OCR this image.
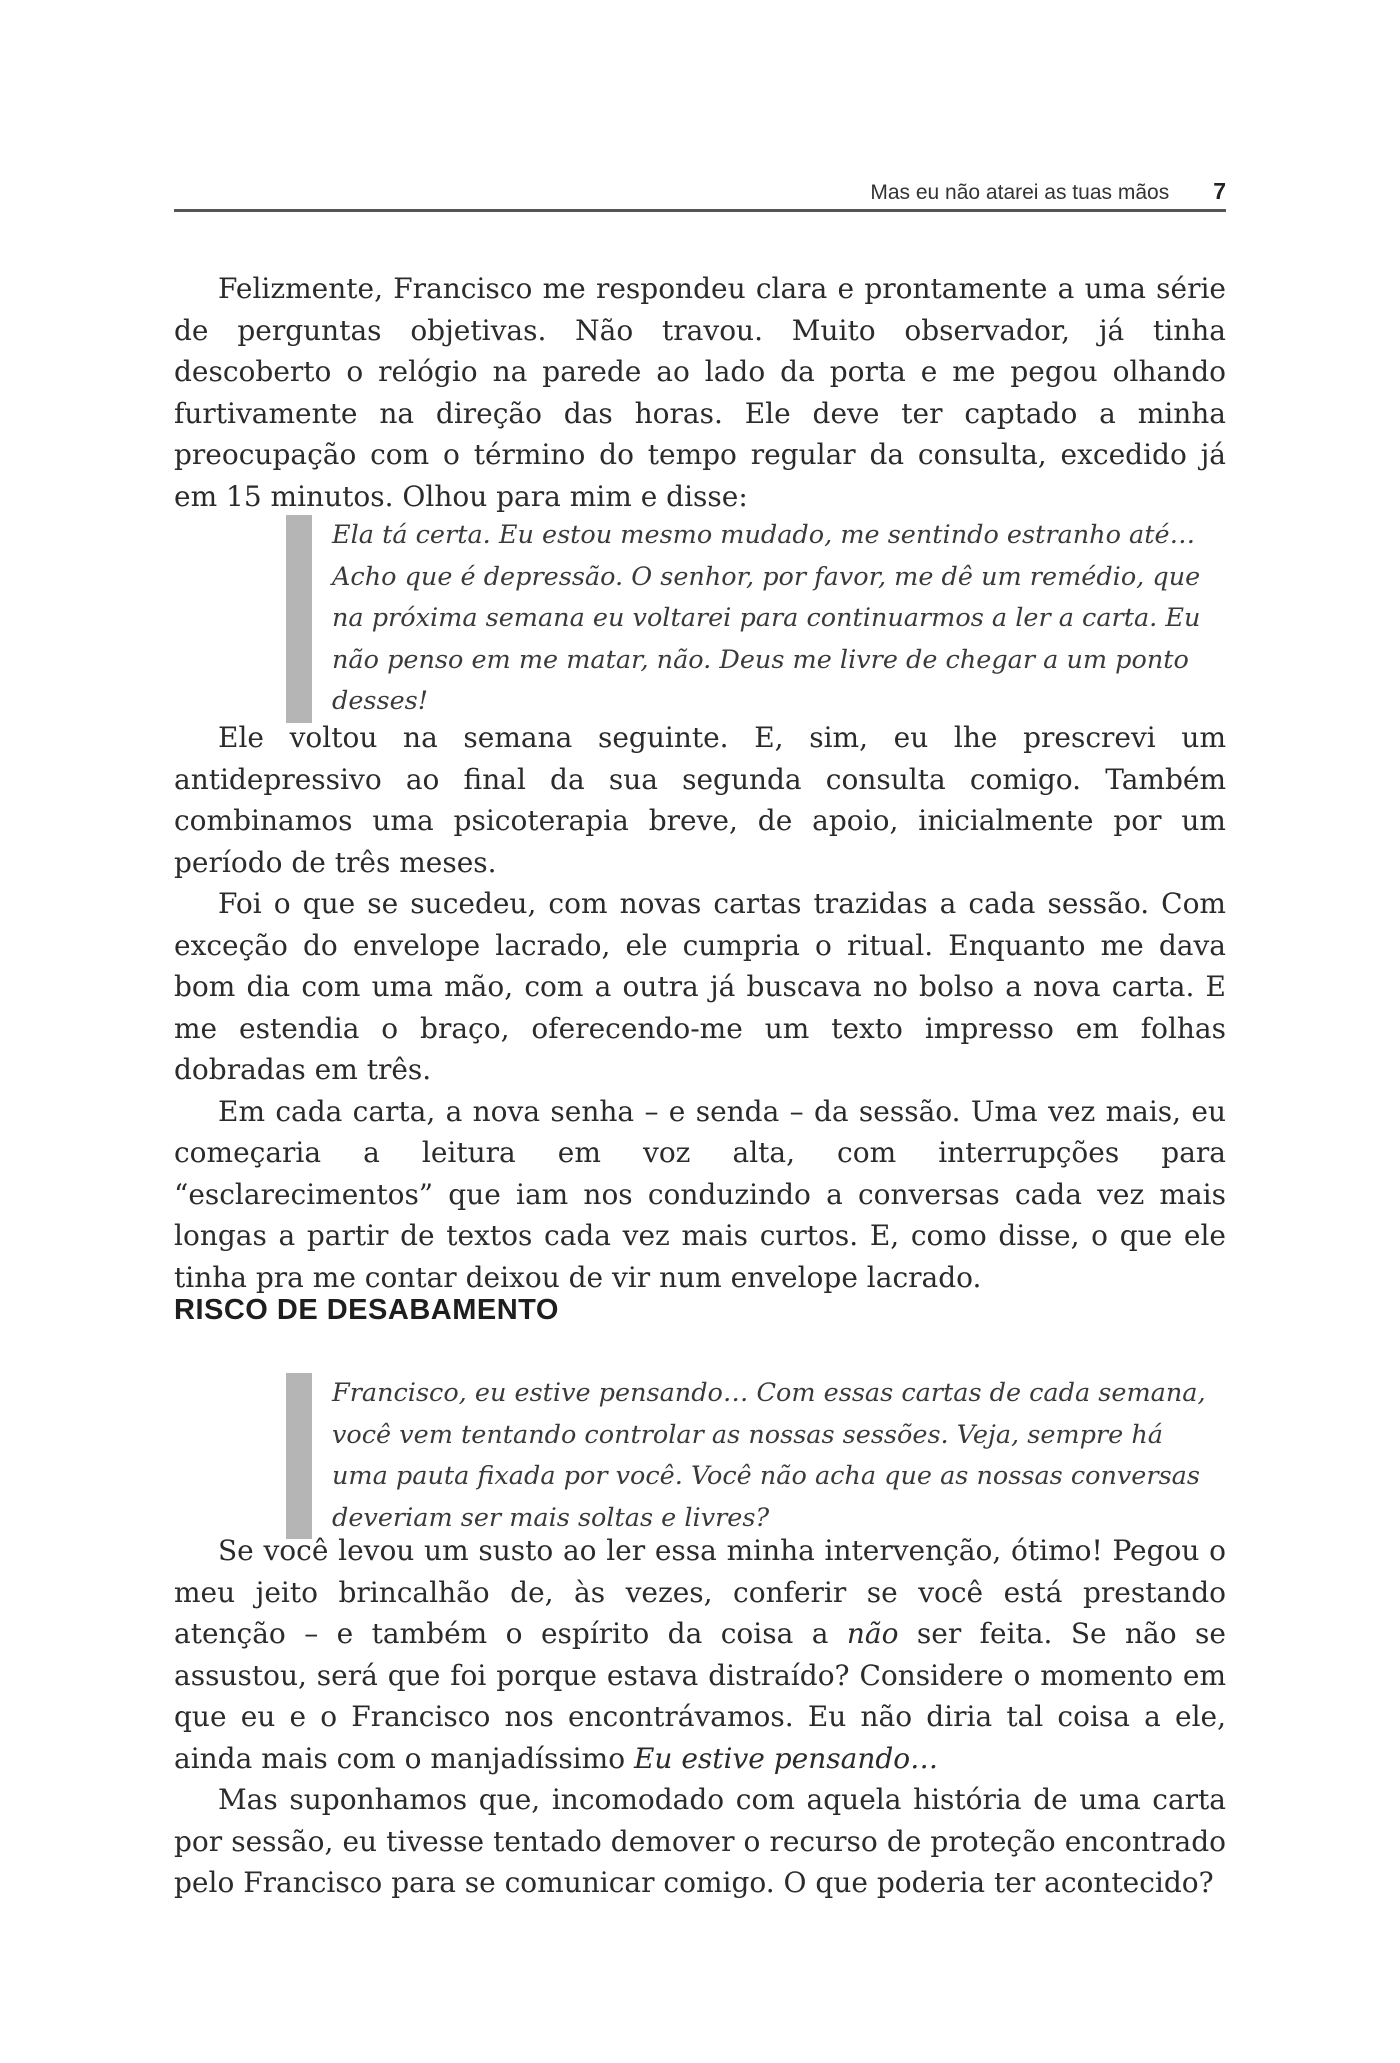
Mas eu não atarei as tuas mãos 7

Felizmente, Francisco me respondeu clara e prontamente a uma série de perguntas objetivas. Não travou. Muito observador, já tinha descoberto o relógio na parede ao lado da porta e me pegou olhando furtivamente na direção das horas. Ele deve ter captado a minha preocupação com o término do tempo regular da consulta, excedido já em 15 minutos. Olhou para mim e disse:

Ela tá certa. Eu estou mesmo mudado, me sentindo estranho até… Acho que é depressão. O senhor, por favor, me dê um remédio, que na próxima semana eu voltarei para continuarmos a ler a carta. Eu não penso em me matar, não. Deus me livre de chegar a um ponto desses!

Ele voltou na semana seguinte. E, sim, eu lhe prescrevi um antidepressivo ao final da sua segunda consulta comigo. Também combinamos uma psicoterapia breve, de apoio, inicialmente por um período de três meses.

Foi o que se sucedeu, com novas cartas trazidas a cada sessão. Com exceção do envelope lacrado, ele cumpria o ritual. Enquanto me dava bom dia com uma mão, com a outra já buscava no bolso a nova carta. E me estendia o braço, oferecendo-me um texto impresso em folhas dobradas em três.

Em cada carta, a nova senha – e senda – da sessão. Uma vez mais, eu começaria a leitura em voz alta, com interrupções para “esclarecimentos” que iam nos conduzindo a conversas cada vez mais longas a partir de textos cada vez mais curtos. E, como disse, o que ele tinha pra me contar deixou de vir num envelope lacrado.

RISCO DE DESABAMENTO

Francisco, eu estive pensando… Com essas cartas de cada semana, você vem tentando controlar as nossas sessões. Veja, sempre há uma pauta fixada por você. Você não acha que as nossas conversas deveriam ser mais soltas e livres?

Se você levou um susto ao ler essa minha intervenção, ótimo! Pegou o meu jeito brincalhão de, às vezes, conferir se você está prestando atenção – e também o espírito da coisa a não ser feita. Se não se assustou, será que foi porque estava distraído? Considere o momento em que eu e o Francisco nos encontrávamos. Eu não diria tal coisa a ele, ainda mais com o manjadíssimo Eu estive pensando…

Mas suponhamos que, incomodado com aquela história de uma carta por sessão, eu tivesse tentado demover o recurso de proteção encontrado pelo Francisco para se comunicar comigo. O que poderia ter acontecido?
